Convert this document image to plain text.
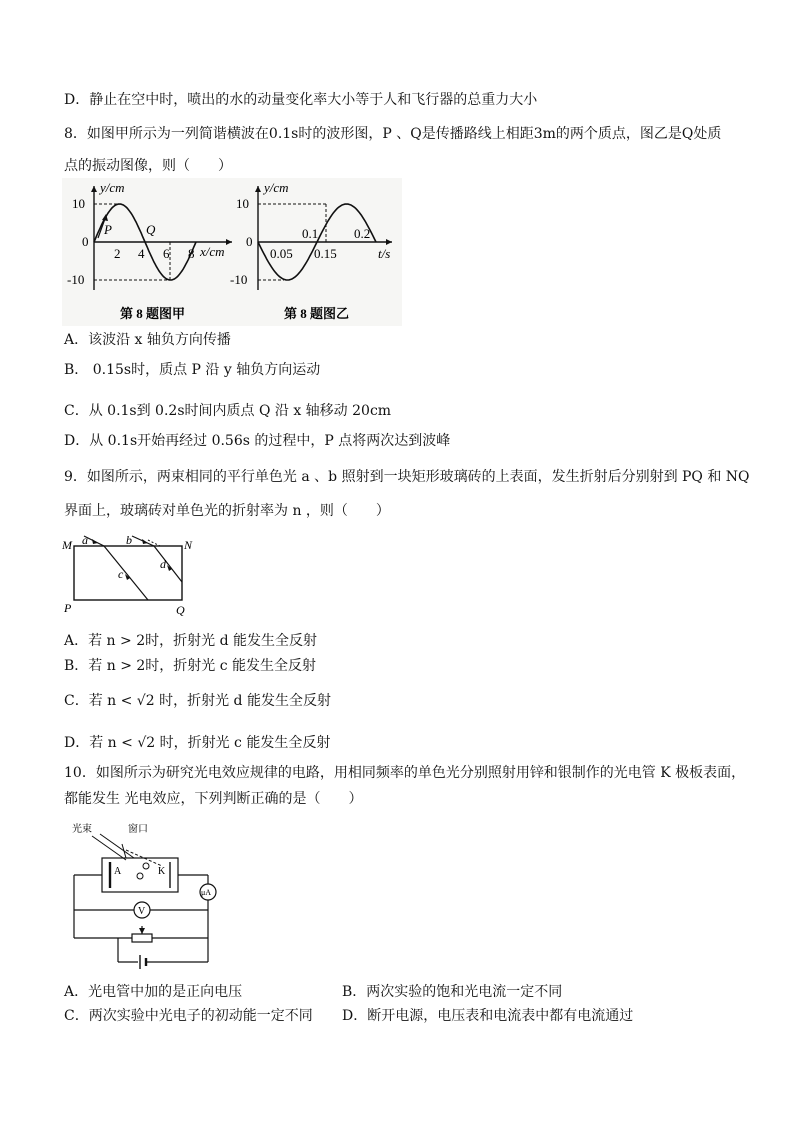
D．静止在空中时，喷出的水的动量变化率大小等于人和飞行器的总重力大小
8．如图甲所示为一列简谐横波在0.1s时的波形图，P 、Q是传播路线上相距3m的两个质点，图乙是Q处质
点的振动图像，则（　　）
y/cm
10
0
-10
2 4 6 8 x/cm
P	Q
第 8 题图甲
y/cm
10
0
-10
0.05 0.15
0.1	0.2
t/s
第 8 题图乙
A．该波沿 x 轴负方向传播
B． 0.15s时，质点 P 沿 y 轴负方向运动
C．从 0.1s到 0.2s时间内质点 Q 沿 x 轴移动 20cm
D．从 0.1s开始再经过 0.56s 的过程中，P 点将两次达到波峰
9．如图所示，两束相同的平行单色光 a 、b 照射到一块矩形玻璃砖的上表面，发生折射后分别射到 PQ 和 NQ
界面上，玻璃砖对单色光的折射率为 n ，则（　　）
M	N
P	Q
a	b
c
d
A．若 n > 2时，折射光 d 能发生全反射
B．若 n > 2时，折射光 c 能发生全反射
C．若 n < √2 时，折射光 d 能发生全反射
D．若 n < √2 时，折射光 c 能发生全反射
10．如图所示为研究光电效应规律的电路，用相同频率的单色光分别照射用锌和银制作的光电管 K 极板表面，
都能发生 光电效应，下列判断正确的是（　　）
光束	窗口
A	K
μA
V
A．光电管中加的是正向电压	B．两次实验的饱和光电流一定不同
C．两次实验中光电子的初动能一定不同 D．断开电源，电压表和电流表中都有电流通过
